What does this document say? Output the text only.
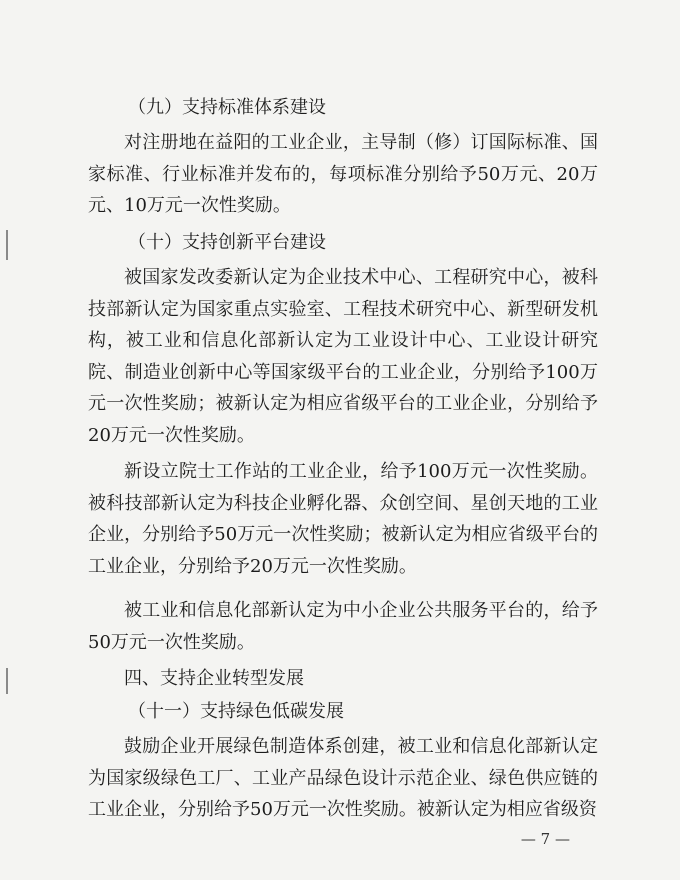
（九）支持标准体系建设

对注册地在益阳的工业企业，主导制（修）订国际标准、国家标准、行业标准并发布的，每项标准分别给予50万元、20万元、10万元一次性奖励。

（十）支持创新平台建设

被国家发改委新认定为企业技术中心、工程研究中心，被科技部新认定为国家重点实验室、工程技术研究中心、新型研发机构，被工业和信息化部新认定为工业设计中心、工业设计研究院、制造业创新中心等国家级平台的工业企业，分别给予100万元一次性奖励；被新认定为相应省级平台的工业企业，分别给予20万元一次性奖励。

新设立院士工作站的工业企业，给予100万元一次性奖励。被科技部新认定为科技企业孵化器、众创空间、星创天地的工业企业，分别给予50万元一次性奖励；被新认定为相应省级平台的工业企业，分别给予20万元一次性奖励。

被工业和信息化部新认定为中小企业公共服务平台的，给予50万元一次性奖励。

四、支持企业转型发展
（十一）支持绿色低碳发展

鼓励企业开展绿色制造体系创建，被工业和信息化部新认定为国家级绿色工厂、工业产品绿色设计示范企业、绿色供应链的工业企业，分别给予50万元一次性奖励。被新认定为相应省级资

— 7 —
